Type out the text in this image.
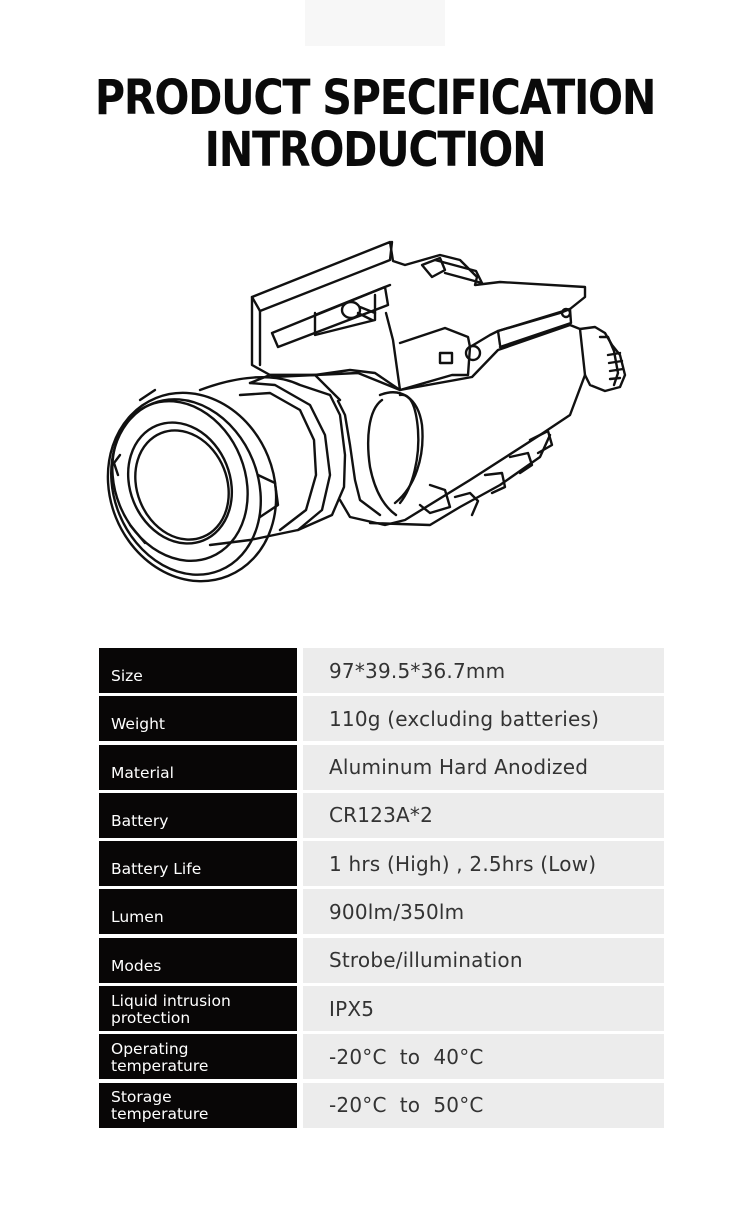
PRODUCT SPECIFICATION
INTRODUCTION
Size	97*39.5*36.7mm
Weight	110g (excluding batteries)
Material	Aluminum Hard Anodized
Battery	CR123A*2
Battery Life	1 hrs (High) , 2.5hrs (Low)
Lumen	900lm/350lm
Modes	Strobe/illumination
Liquid intrusion
protection	IPX5
Operating
temperature	-20°C  to  40°C
Storage
temperature	-20°C  to  50°C
